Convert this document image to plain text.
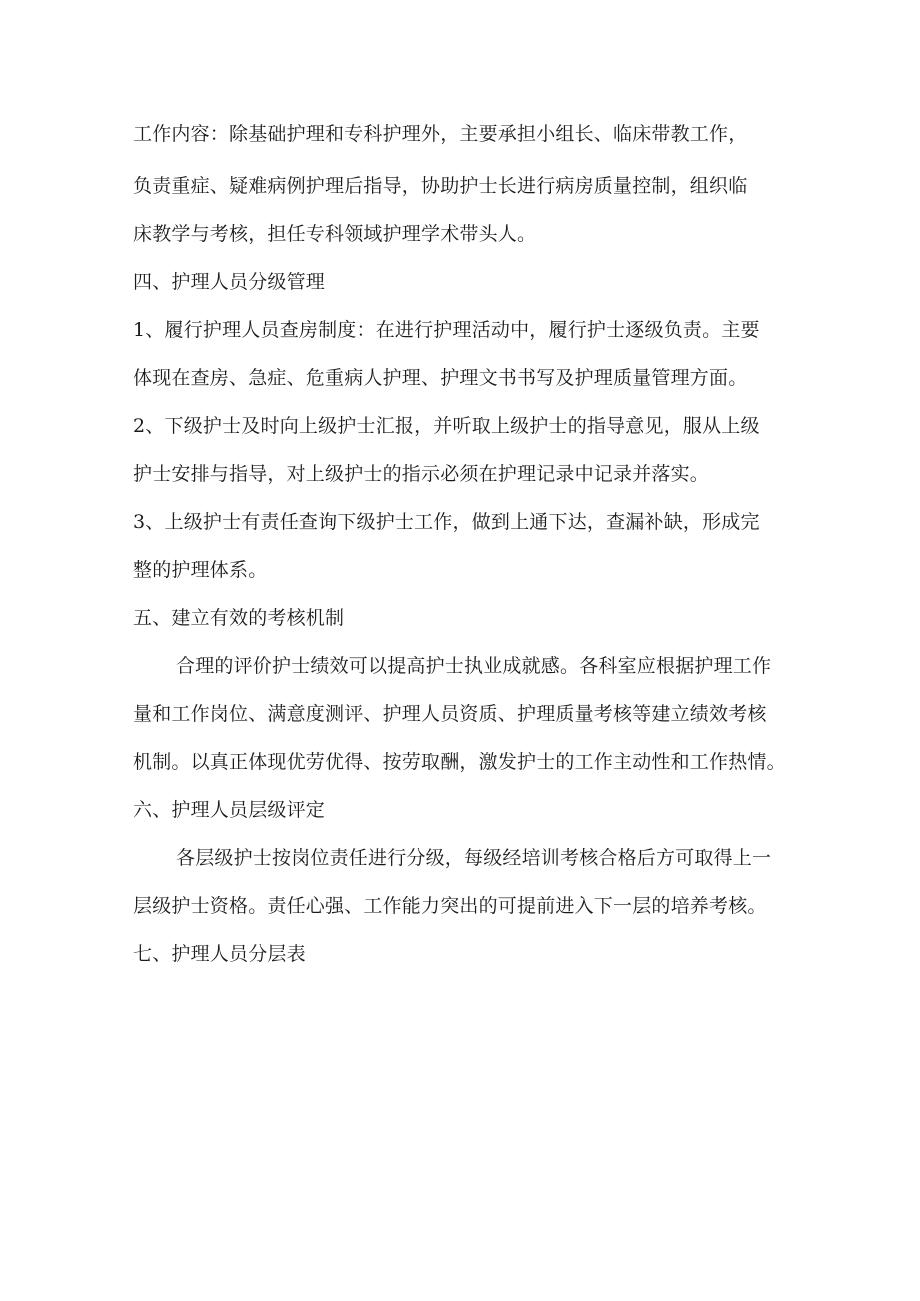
工作内容：除基础护理和专科护理外，主要承担小组长、临床带教工作，
负责重症、疑难病例护理后指导，协助护士长进行病房质量控制，组织临
床教学与考核，担任专科领域护理学术带头人。
四、护理人员分级管理
1、履行护理人员查房制度：在进行护理活动中，履行护士逐级负责。主要
体现在查房、急症、危重病人护理、护理文书书写及护理质量管理方面。
2、下级护士及时向上级护士汇报，并听取上级护士的指导意见，服从上级
护士安排与指导，对上级护士的指示必须在护理记录中记录并落实。
3、上级护士有责任查询下级护士工作，做到上通下达，查漏补缺，形成完
整的护理体系。
五、建立有效的考核机制
合理的评价护士绩效可以提高护士执业成就感。各科室应根据护理工作
量和工作岗位、满意度测评、护理人员资质、护理质量考核等建立绩效考核
机制。以真正体现优劳优得、按劳取酬，激发护士的工作主动性和工作热情。
六、护理人员层级评定
各层级护士按岗位责任进行分级，每级经培训考核合格后方可取得上一
层级护士资格。责任心强、工作能力突出的可提前进入下一层的培养考核。
七、护理人员分层表
